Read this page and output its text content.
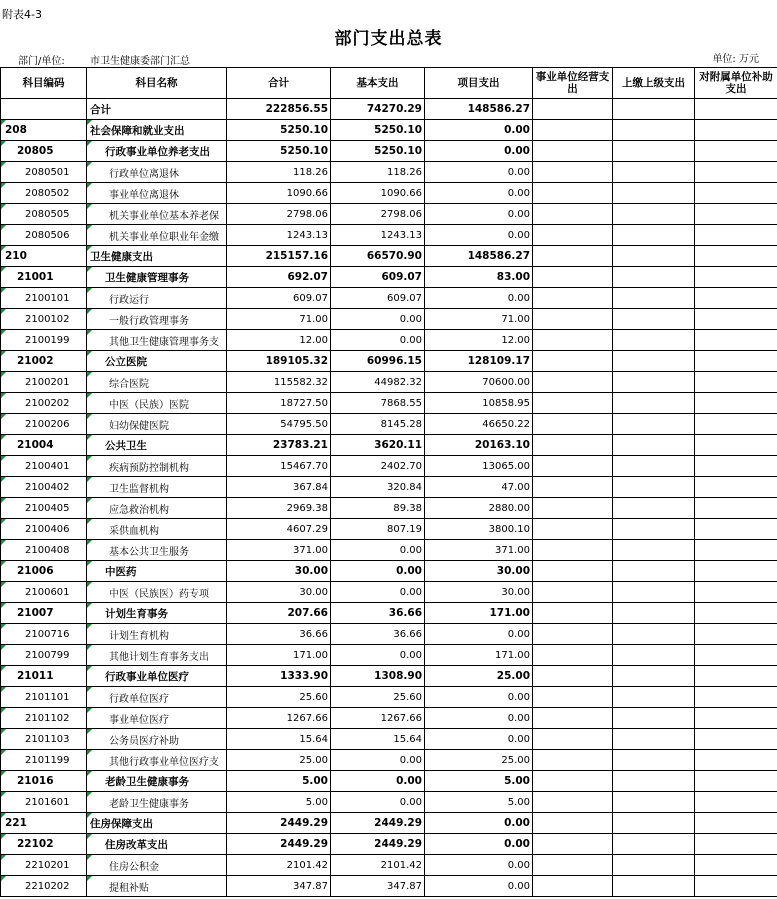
附表4-3
部门支出总表
部门/单位:	市卫生健康委部门汇总	单位: 万元
科目编码	科目名称	合计	基本支出	项目支出	事业单位经营支出	上缴上级支出	对附属单位补助支出
	合计	222856.55	74270.29	148586.27			

208	社会保障和就业支出	5250.10	5250.10	0.00			

20805	行政事业单位养老支出	5250.10	5250.10	0.00			

2080501	行政单位离退休	118.26	118.26	0.00			

2080502	事业单位离退休	1090.66	1090.66	0.00			

2080505	机关事业单位基本养老保	2798.06	2798.06	0.00			

2080506	机关事业单位职业年金缴	1243.13	1243.13	0.00			

210	卫生健康支出	215157.16	66570.90	148586.27			

21001	卫生健康管理事务	692.07	609.07	83.00			

2100101	行政运行	609.07	609.07	0.00			

2100102	一般行政管理事务	71.00	0.00	71.00			

2100199	其他卫生健康管理事务支	12.00	0.00	12.00			

21002	公立医院	189105.32	60996.15	128109.17			

2100201	综合医院	115582.32	44982.32	70600.00			

2100202	中医（民族）医院	18727.50	7868.55	10858.95			

2100206	妇幼保健医院	54795.50	8145.28	46650.22			

21004	公共卫生	23783.21	3620.11	20163.10			

2100401	疾病预防控制机构	15467.70	2402.70	13065.00			

2100402	卫生监督机构	367.84	320.84	47.00			

2100405	应急救治机构	2969.38	89.38	2880.00			

2100406	采供血机构	4607.29	807.19	3800.10			

2100408	基本公共卫生服务	371.00	0.00	371.00			

21006	中医药	30.00	0.00	30.00			

2100601	中医（民族医）药专项	30.00	0.00	30.00			

21007	计划生育事务	207.66	36.66	171.00			

2100716	计划生育机构	36.66	36.66	0.00			

2100799	其他计划生育事务支出	171.00	0.00	171.00			

21011	行政事业单位医疗	1333.90	1308.90	25.00			

2101101	行政单位医疗	25.60	25.60	0.00			

2101102	事业单位医疗	1267.66	1267.66	0.00			

2101103	公务员医疗补助	15.64	15.64	0.00			

2101199	其他行政事业单位医疗支	25.00	0.00	25.00			

21016	老龄卫生健康事务	5.00	0.00	5.00			

2101601	老龄卫生健康事务	5.00	0.00	5.00			

221	住房保障支出	2449.29	2449.29	0.00			

22102	住房改革支出	2449.29	2449.29	0.00			

2210201	住房公积金	2101.42	2101.42	0.00			

2210202	提租补贴	347.87	347.87	0.00			
